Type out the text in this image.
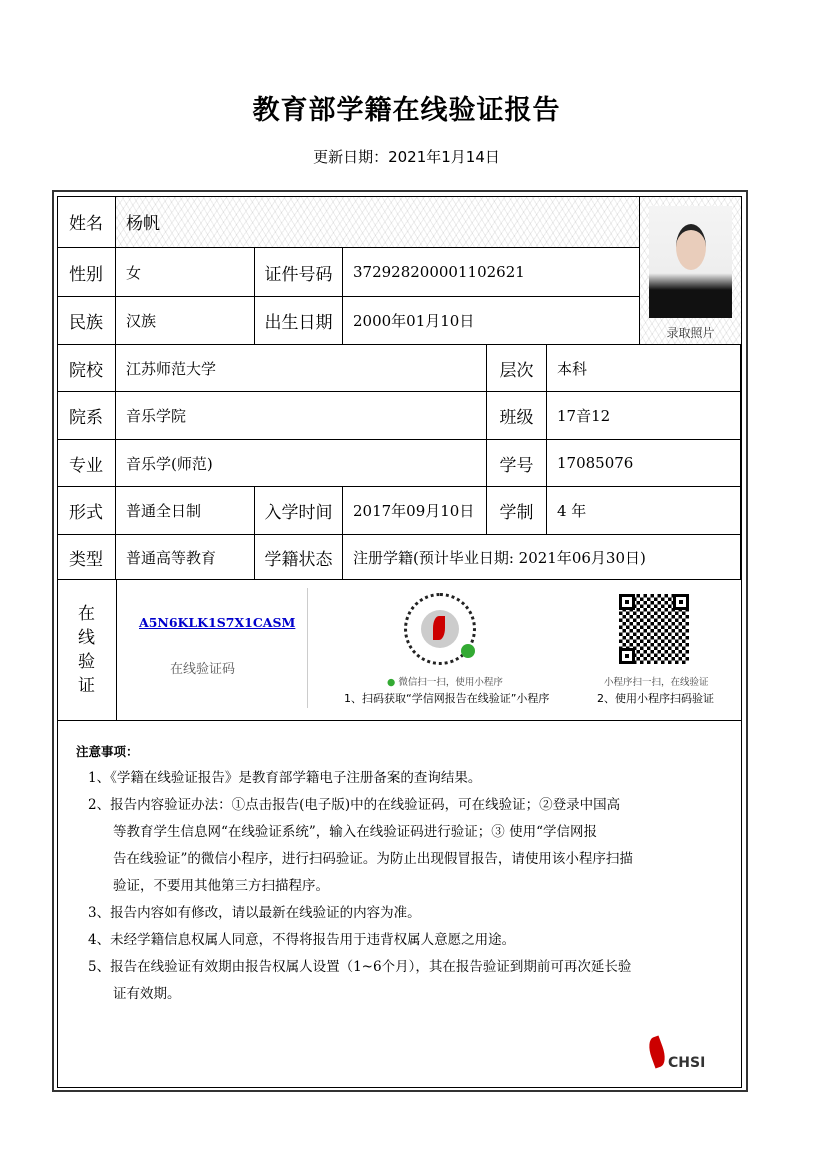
教育部学籍在线验证报告
更新日期：2021年1月14日
姓名	杨帆
性别	女	证件号码	372928200001102621
民族	汉族	出生日期	2000年01月10日
录取照片
院校	江苏师范大学	层次	本科
院系	音乐学院	班级	17音12
专业	音乐学(师范)	学号	17085076
形式	普通全日制	入学时间	2017年09月10日	学制	4 年
类型	普通高等教育	学籍状态	注册学籍(预计毕业日期: 2021年06月30日)
在
线
验
证
A5N6KLK1S7X1CASM
在线验证码
● 微信扫一扫，使用小程序
1、扫码获取“学信网报告在线验证”小程序
小程序扫一扫，在线验证
2、使用小程序扫码验证
注意事项：
1、《学籍在线验证报告》是教育部学籍电子注册备案的查询结果。
2、报告内容验证办法：①点击报告(电子版)中的在线验证码，可在线验证；②登录中国高
等教育学生信息网“在线验证系统”，输入在线验证码进行验证；③ 使用“学信网报
告在线验证”的微信小程序，进行扫码验证。为防止出现假冒报告，请使用该小程序扫描
验证，不要用其他第三方扫描程序。
3、报告内容如有修改，请以最新在线验证的内容为准。
4、未经学籍信息权属人同意，不得将报告用于违背权属人意愿之用途。
5、报告在线验证有效期由报告权属人设置（1~6个月），其在报告验证到期前可再次延长验
证有效期。
CHSI
